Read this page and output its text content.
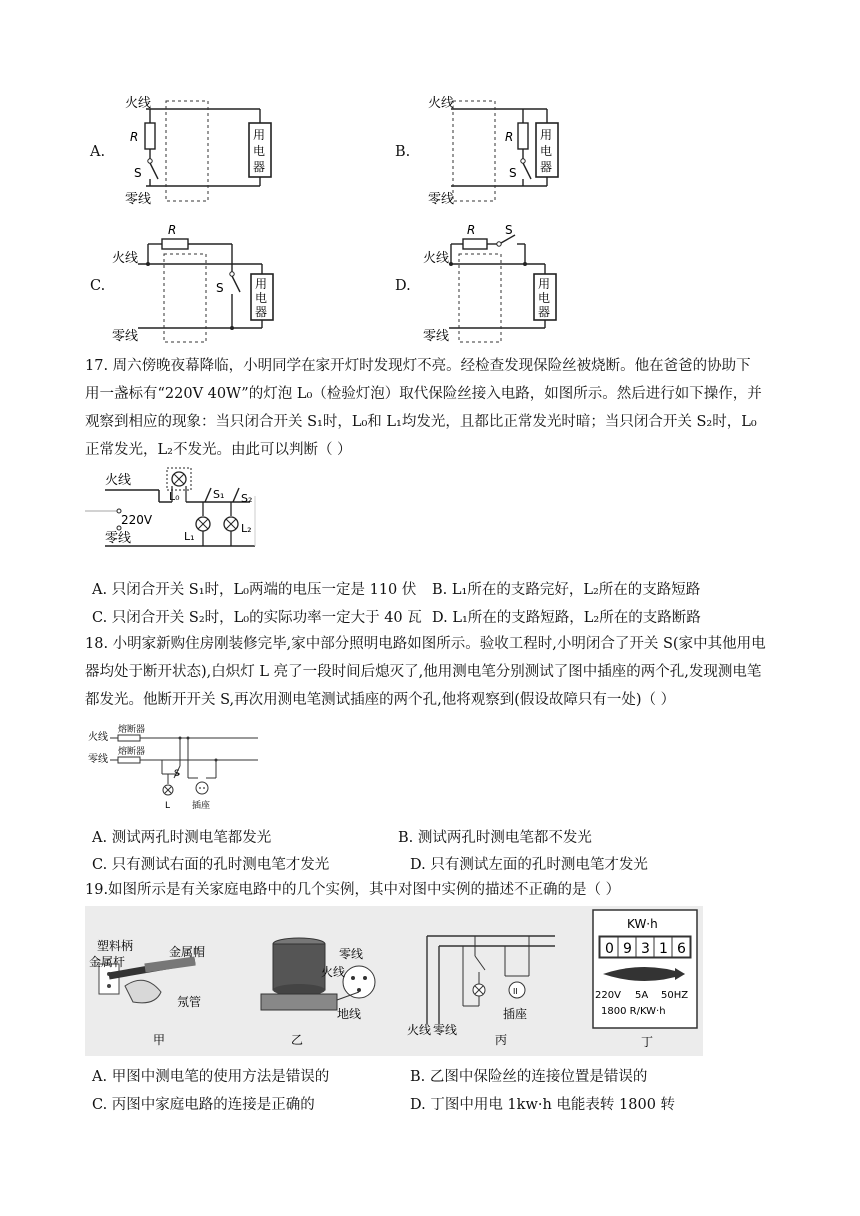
A.
火线
零线
R
S
用
电
器
B.
火线
零线
R
S
用
电
器
C.
火线
零线
R
S	用
电
器
D.
火线
零线
R S
用
电
器
17. 周六傍晚夜幕降临，小明同学在家开灯时发现灯不亮。经检查发现保险丝被烧断。他在爸爸的协助下
用一盏标有“220V 40W”的灯泡 L₀（检验灯泡）取代保险丝接入电路，如图所示。然后进行如下操作，并
观察到相应的现象：当只闭合开关 S₁时，L₀和 L₁均发光，且都比正常发光时暗；当只闭合开关 S₂时，L₀
正常发光，L₂不发光。由此可以判断（ ）
火线
L₀	S₁ S₂
L₁
L₂
220V
零线
A. 只闭合开关 S₁时，L₀两端的电压一定是 110 伏 B. L₁所在的支路完好，L₂所在的支路短路
C. 只闭合开关 S₂时，L₀的实际功率一定大于 40 瓦 D. L₁所在的支路短路，L₂所在的支路断路
18. 小明家新购住房刚装修完毕,家中部分照明电路如图所示。验收工程时,小明闭合了开关 S(家中其他用电
器均处于断开状态),白炽灯 L 亮了一段时间后熄灭了,他用测电笔分别测试了图中插座的两个孔,发现测电笔
都发光。他断开开关 S,再次用测电笔测试插座的两个孔,他将观察到(假设故障只有一处)（ ）
火线
零线
熔断器
熔断器
S
L 插座
A. 测试两孔时测电笔都发光	B. 测试两孔时测电笔都不发光
C. 只有测试右面的孔时测电笔才发光	D. 只有测试左面的孔时测电笔才发光
19.如图所示是有关家庭电路中的几个实例，其中对图中实例的描述不正确的是（ ）
塑料柄	金属帽
金属杆
氖管
甲
零线
火线
地线
乙
II
火线 零线
插座
丙
KW·h
0 9 3 1 6
220V 5A 50HZ
1800 R/KW·h
丁
A. 甲图中测电笔的使用方法是错误的	B. 乙图中保险丝的连接位置是错误的
C. 丙图中家庭电路的连接是正确的	D. 丁图中用电 1kw·h 电能表转 1800 转
